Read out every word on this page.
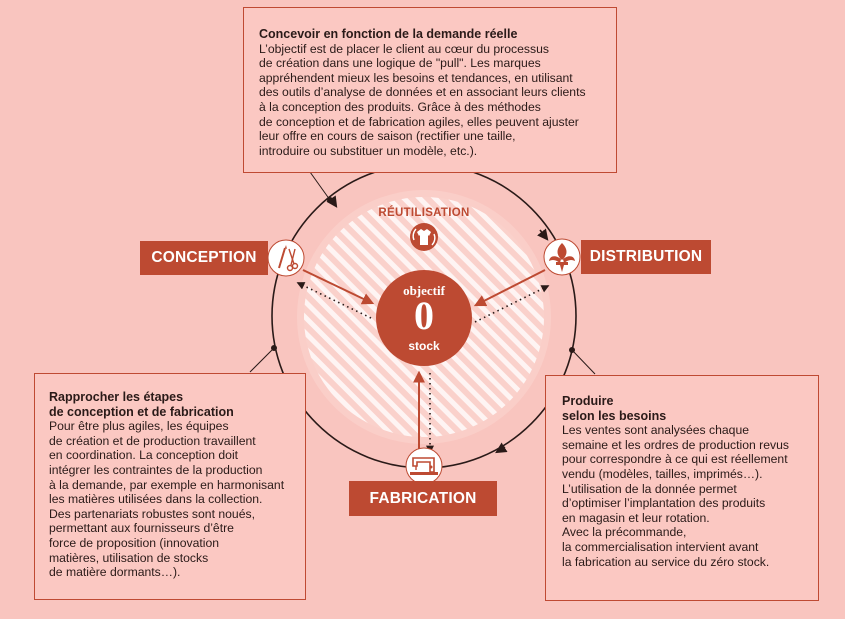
CONCEPTION	DISTRIBUTION
FABRICATION
RÉUTILISATION
objectif
0
stock
Concevoir en fonction de la demande réelle

L’objectif est de placer le client au cœur du processus
de création dans une logique de "pull". Les marques
appréhendent mieux les besoins et tendances, en utilisant
des outils d’analyse de données et en associant leurs clients
à la conception des produits. Grâce à des méthodes
de conception et de fabrication agiles, elles peuvent ajuster
leur offre en cours de saison (rectifier une taille,
introduire ou substituer un modèle, etc.).

Rapprocher les étapes
de conception et de fabrication

Pour être plus agiles, les équipes
de création et de production travaillent
en coordination. La conception doit
intégrer les contraintes de la production
à la demande, par exemple en harmonisant
les matières utilisées dans la collection.
Des partenariats robustes sont noués,
permettant aux fournisseurs d’être
force de proposition (innovation
matières, utilisation de stocks
de matière dormants…).

Produire
selon les besoins

Les ventes sont analysées chaque
semaine et les ordres de production revus
pour correspondre à ce qui est réellement
vendu (modèles, tailles, imprimés…).
L’utilisation de la donnée permet
d’optimiser l’implantation des produits
en magasin et leur rotation.
Avec la précommande,
la commercialisation intervient avant
la fabrication au service du zéro stock.
